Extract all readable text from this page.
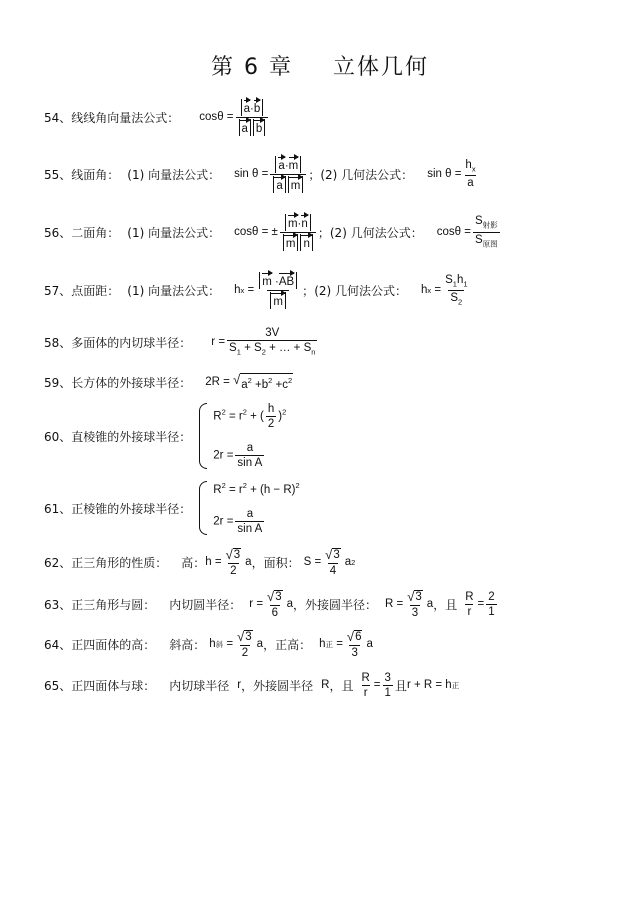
第 6 章 立体几何
54、线线角向量法公式： cos θ
= $\frac{a\cdot b}{\text{a b}}$
55、线面角： (1) 向量法公式： sin
θ
= $\frac{a\cdot m}{\text{a m}}$ ； (2) 几何法公式： sin
θ
= $\frac{h_x}{a}$
56、二面角： (1) 向量法公式： cos θ
= ± $\frac{m\cdot n}{\text{m n}}$ ； (2) 几何法公式： cos θ
= $\frac{S_{射影}}{S_{原图}}$
57、点面距： (1) 向量法公式： h x
= $\frac{m \cdot AB}{m}$ ； (2) 几何法公式： h x
= $\frac{S_1h_1}{S_2}$
58、多面体的内切球半径： r
= $\frac{3V}{S_1 + S_2 + \dots + S_n}$
59、长方体的外接球半径： 2R =
√ $a^2 +b^2 +c^2$
60、直棱锥的外接球半径：
$R^2 = r^2$ + ( $\frac{h}{2} )^2$
$2r = \frac{a}{\text{sin A}}$
61、正棱锥的外接球半径：
$R^2 = r^2 + (h - R)^2$
$2r = \frac{a}{\text{sin A}}$
62、正三角形的性质： 高： $h = \frac{√ 3}{2}$ a ，面积： $S = \frac{√ 3}{4}$ a 2
63、正三角形与圆： 内切圆半径： $r = \frac{√ 3}{6}$ a ，外接圆半径： $R = \frac{√ 3}{3}$ a ，且 $\frac{R}{r} = \frac{2}{1}$
64、正四面体的高： 斜高： h 斜
= $\frac{√ 3}{2}$ a ，正高： h 正
= $\frac{√ 6}{3}$ a
65、正四面体与球： 内切球半径 r ，外接圆半径 R ，且 $\frac{R}{r} = \frac{3}{1}$ 且 r + R = h 正
